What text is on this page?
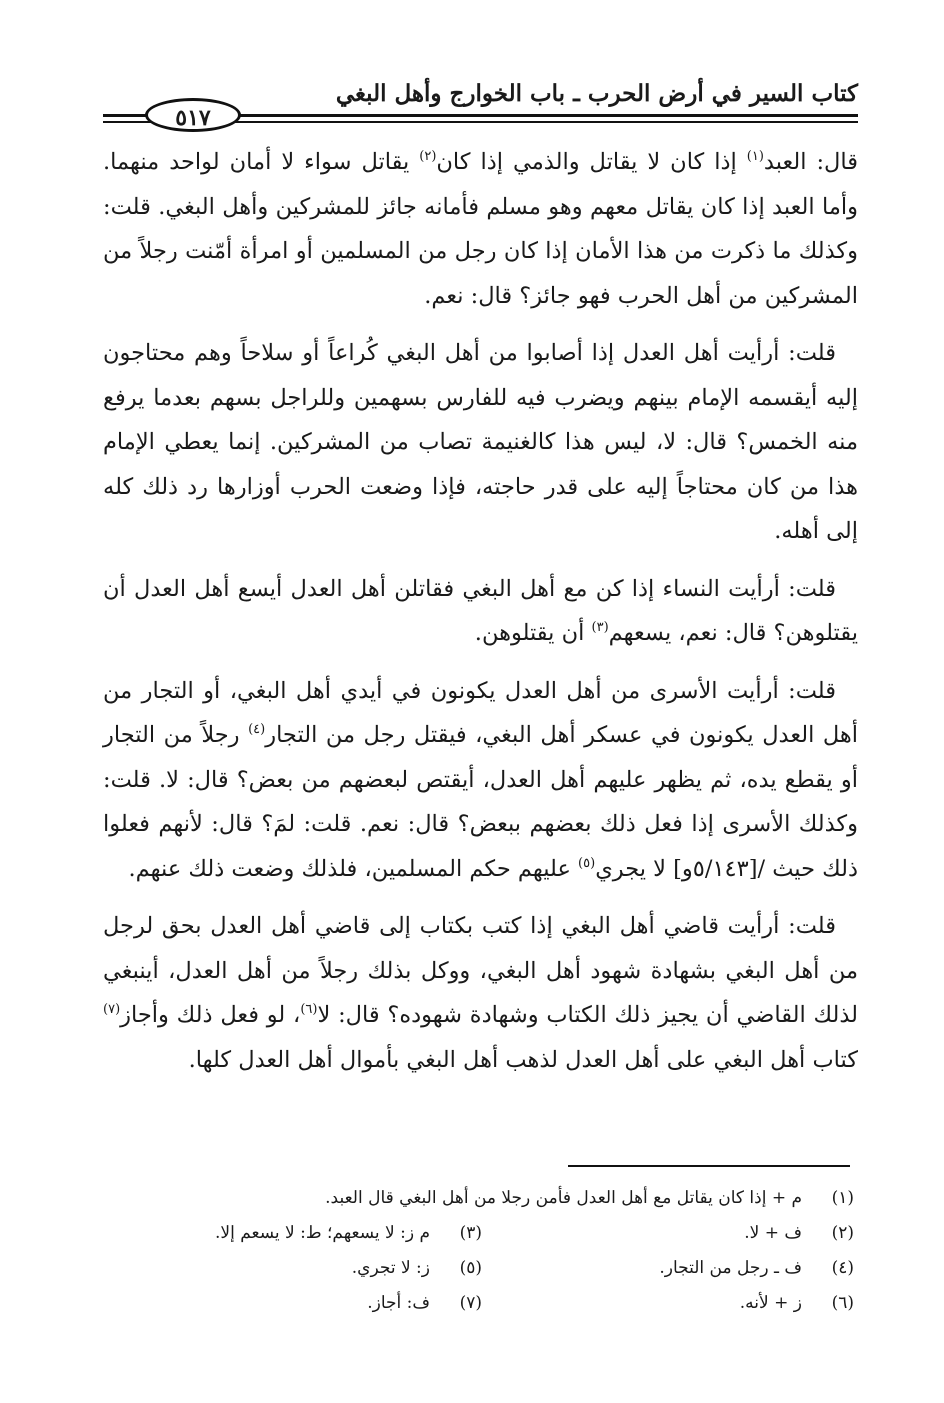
كتاب السير في أرض الحرب ـ باب الخوارج وأهل البغي
٥١٧

قال: العبد$^{(١)}$ إذا كان لا يقاتل والذمي إذا كان$^{(٢)}$ يقاتل سواء لا أمان لواحد منهما. وأما العبد إذا كان يقاتل معهم وهو مسلم فأمانه جائز للمشركين وأهل البغي. قلت: وكذلك ما ذكرت من هذا الأمان إذا كان رجل من المسلمين أو امرأة أمّنت رجلاً من المشركين من أهل الحرب فهو جائز؟ قال: نعم.

قلت: أرأيت أهل العدل إذا أصابوا من أهل البغي كُراعاً أو سلاحاً وهم محتاجون إليه أيقسمه الإمام بينهم ويضرب فيه للفارس بسهمين وللراجل بسهم بعدما يرفع منه الخمس؟ قال: لا، ليس هذا كالغنيمة تصاب من المشركين. إنما يعطي الإمام هذا من كان محتاجاً إليه على قدر حاجته، فإذا وضعت الحرب أوزارها رد ذلك كله إلى أهله.

قلت: أرأيت النساء إذا كن مع أهل البغي فقاتلن أهل العدل أيسع أهل العدل أن يقتلوهن؟ قال: نعم، يسعهم$^{(٣)}$ أن يقتلوهن.

قلت: أرأيت الأسرى من أهل العدل يكونون في أيدي أهل البغي، أو التجار من أهل العدل يكونون في عسكر أهل البغي، فيقتل رجل من التجار$^{(٤)}$ رجلاً من التجار أو يقطع يده، ثم يظهر عليهم أهل العدل، أيقتص لبعضهم من بعض؟ قال: لا. قلت: وكذلك الأسرى إذا فعل ذلك بعضهم ببعض؟ قال: نعم. قلت: لمَ؟ قال: لأنهم فعلوا ذلك حيث /[٥/١٤٣و] لا يجري$^{(٥)}$ عليهم حكم المسلمين، فلذلك وضعت ذلك عنهم.

قلت: أرأيت قاضي أهل البغي إذا كتب بكتاب إلى قاضي أهل العدل بحق لرجل من أهل البغي بشهادة شهود أهل البغي، ووكل بذلك رجلاً من أهل العدل، أينبغي لذلك القاضي أن يجيز ذلك الكتاب وشهادة شهوده؟ قال: لا$^{(٦)}$، لو فعل ذلك وأجاز$^{(٧)}$ كتاب أهل البغي على أهل العدل لذهب أهل البغي بأموال أهل العدل كلها.

(١)
م + إذا كان يقاتل مع أهل العدل فأمن رجلا من أهل البغي قال العبد.
(٢)
ف + لا.
(٣)
م ز: لا يسعهم؛ ط: لا يسعم إلا.
(٤)
ف ـ رجل من التجار.
(٥)
ز: لا تجري.
(٦)
ز + لأنه.
(٧)
ف: أجاز.
